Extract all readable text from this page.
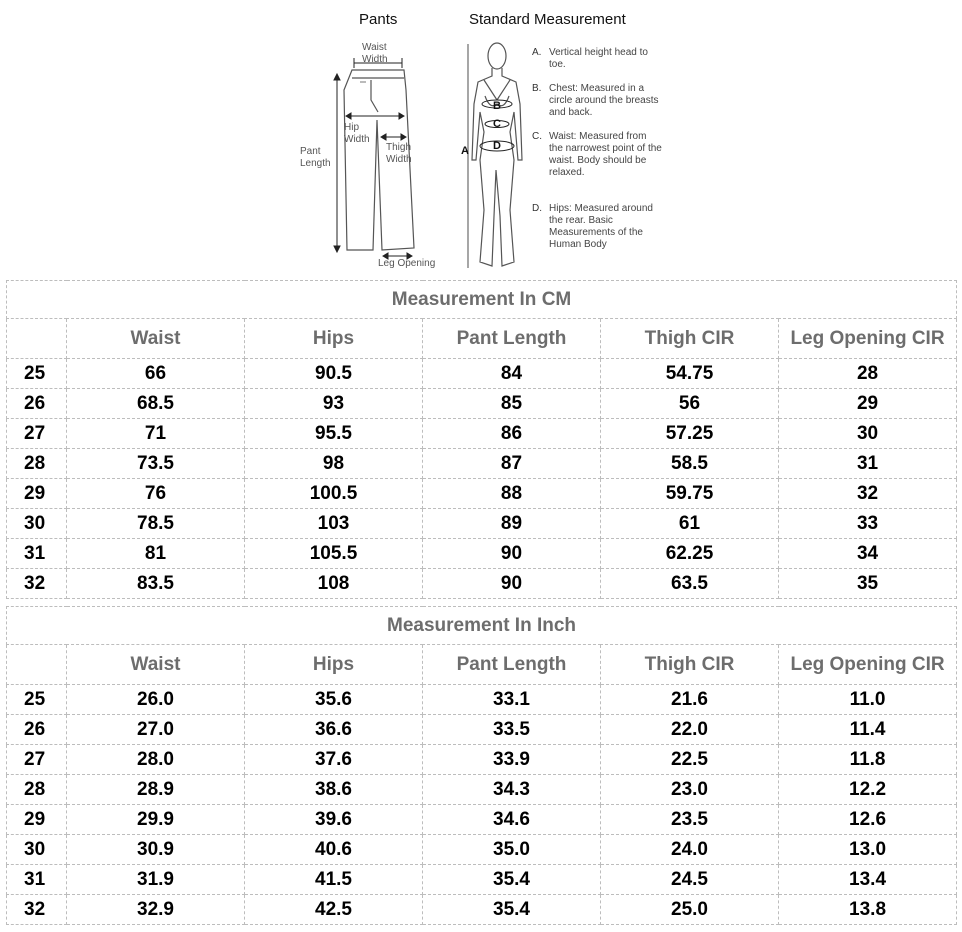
Pants	Standard Measurement
Waist
Width
Hip
Width
Pant
Length
Thigh
Width
Leg Opening
A
B
C
D
A. Vertical height head to toe.
B. Chest: Measured in a circle around the breasts and back.
C. Waist: Measured from the narrowest point of the waist. Body should be relaxed.
D. Hips: Measured around the rear. Basic Measurements of the Human Body
Measurement In CM					
	Waist	Hips	Pant Length	Thigh CIR	Leg Opening CIR
25	66	90.5	84	54.75	28
26	68.5	93	85	56	29
27	71	95.5	86	57.25	30
28	73.5	98	87	58.5	31
29	76	100.5	88	59.75	32
30	78.5	103	89	61	33
31	81	105.5	90	62.25	34
32	83.5	108	90	63.5	35
Measurement In Inch					
	Waist	Hips	Pant Length	Thigh CIR	Leg Opening CIR
25	26.0	35.6	33.1	21.6	11.0
26	27.0	36.6	33.5	22.0	11.4
27	28.0	37.6	33.9	22.5	11.8
28	28.9	38.6	34.3	23.0	12.2
29	29.9	39.6	34.6	23.5	12.6
30	30.9	40.6	35.0	24.0	13.0
31	31.9	41.5	35.4	24.5	13.4
32	32.9	42.5	35.4	25.0	13.8
